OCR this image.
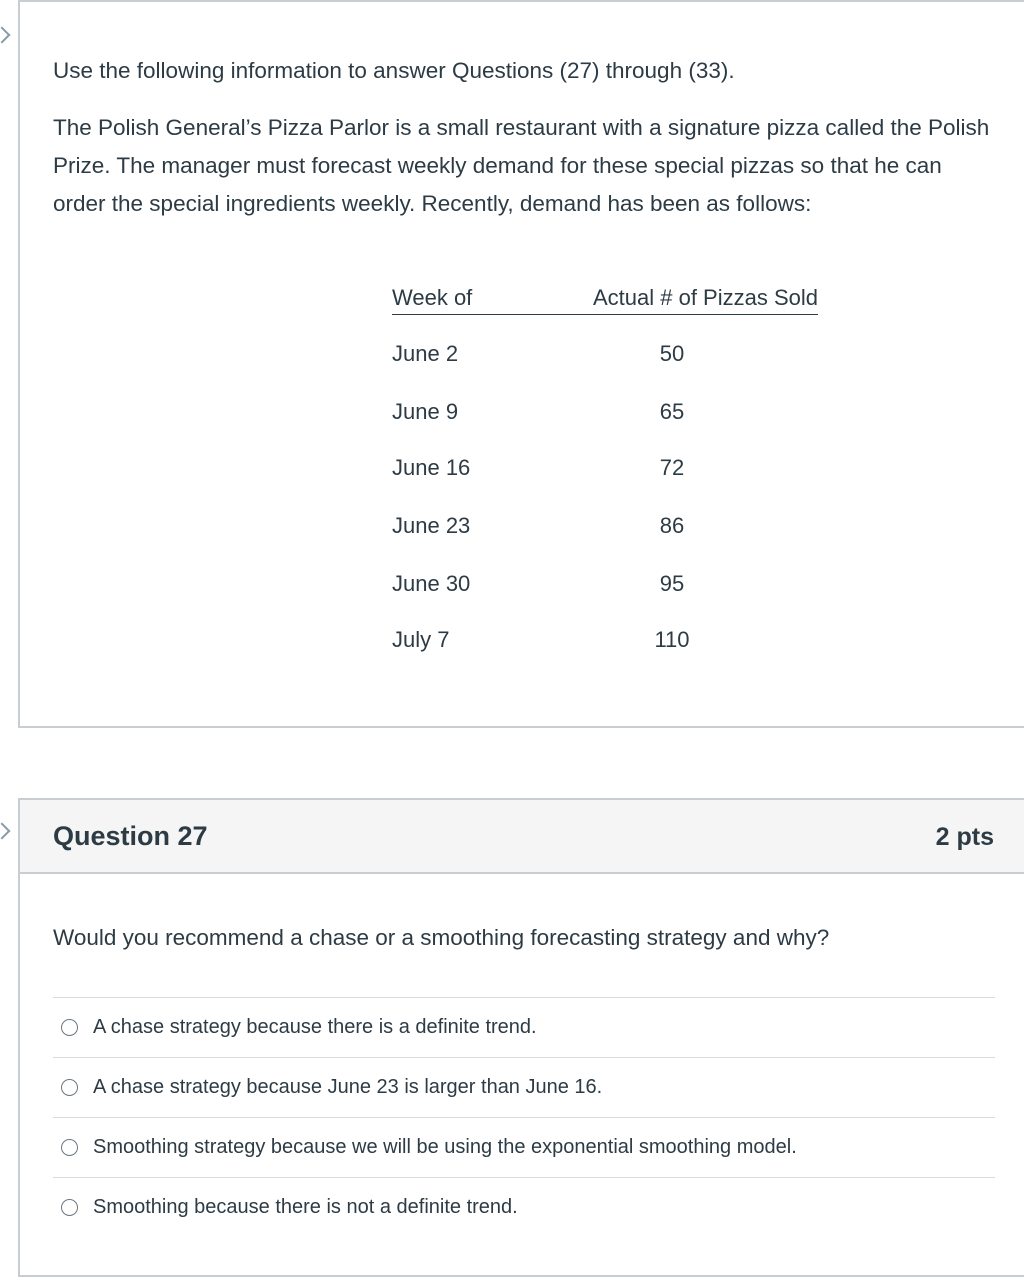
Use the following information to answer Questions (27) through (33).

The Polish General’s Pizza Parlor is a small restaurant with a signature pizza called the Polish Prize. The manager must forecast weekly demand for these special pizzas so that he can order the special ingredients weekly. Recently, demand has been as follows:

Week of	Actual # of Pizzas Sold
June 2	50
June 9	65
June 16	72
June 23	86
June 30	95
July 7	110
Question 27	2 pts

Would you recommend a chase or a smoothing forecasting strategy and why?

A chase strategy because there is a definite trend.
A chase strategy because June 23 is larger than June 16.
Smoothing strategy because we will be using the exponential smoothing model.
Smoothing because there is not a definite trend.
